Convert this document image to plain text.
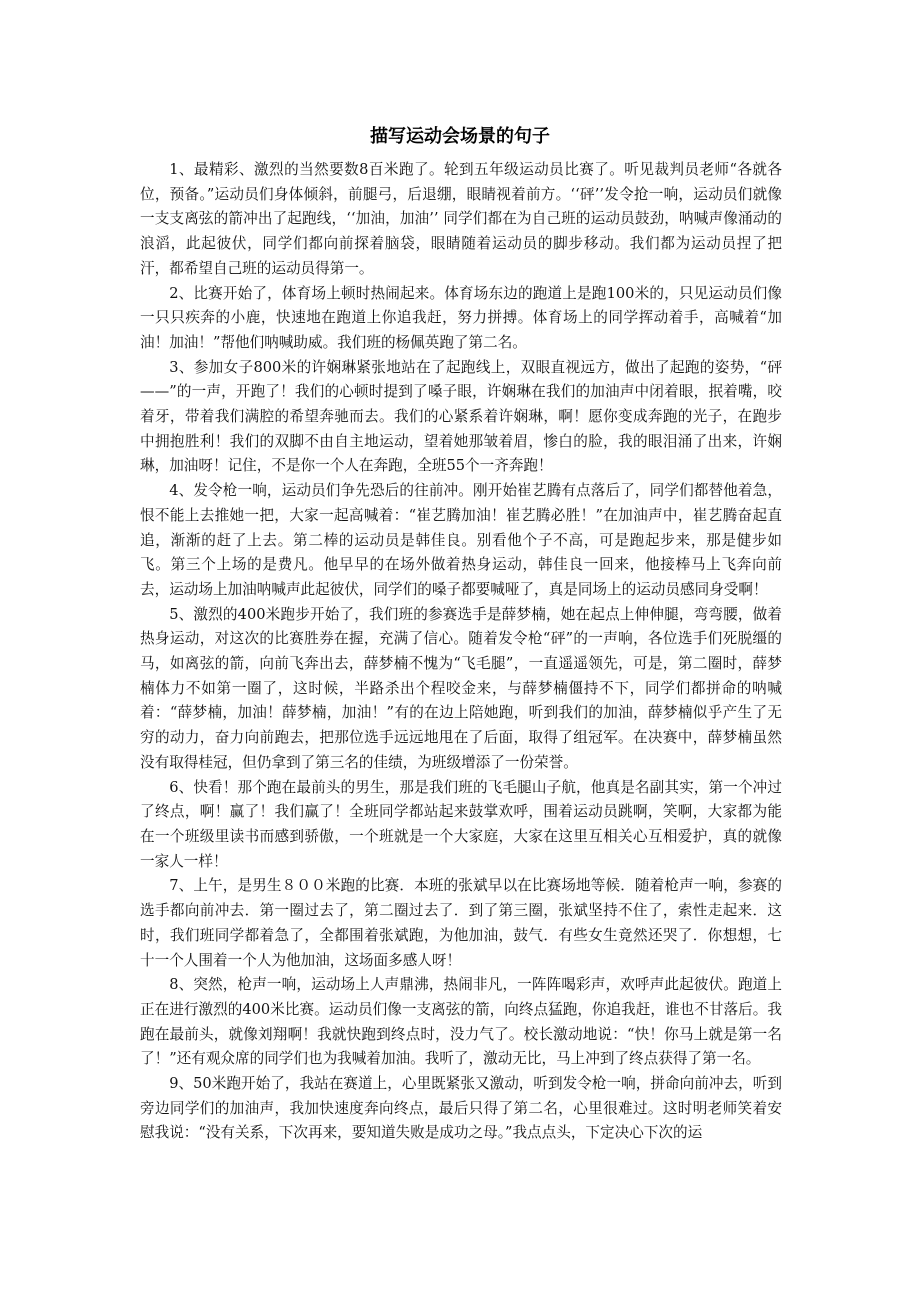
描写运动会场景的句子

1、最精彩、激烈的当然要数8百米跑了。轮到五年级运动员比赛了。听见裁判员老师“各就各位，预备。”运动员们身体倾斜，前腿弓，后退绷，眼睛视着前方。‘‘砰’’发令抢一响，运动员们就像一支支离弦的箭冲出了起跑线，‘‘加油，加油’’ 同学们都在为自己班的运动员鼓劲，呐喊声像涌动的浪滔，此起彼伏，同学们都向前探着脑袋，眼睛随着运动员的脚步移动。我们都为运动员捏了把汗，都希望自己班的运动员得第一。

2、比赛开始了，体育场上顿时热闹起来。体育场东边的跑道上是跑100米的，只见运动员们像一只只疾奔的小鹿，快速地在跑道上你追我赶，努力拼搏。体育场上的同学挥动着手，高喊着“加油！加油！”帮他们呐喊助威。我们班的杨佩英跑了第二名。

3、参加女子800米的许娴琳紧张地站在了起跑线上，双眼直视远方，做出了起跑的姿势，“砰——”的一声，开跑了！我们的心顿时提到了嗓子眼，许娴琳在我们的加油声中闭着眼，抿着嘴，咬着牙，带着我们满腔的希望奔驰而去。我们的心紧系着许娴琳，啊！愿你变成奔跑的光子，在跑步中拥抱胜利！我们的双脚不由自主地运动，望着她那皱着眉，惨白的脸，我的眼泪涌了出来，许娴琳，加油呀！记住，不是你一个人在奔跑，全班55个一齐奔跑！

4、发令枪一响，运动员们争先恐后的往前冲。刚开始崔艺腾有点落后了，同学们都替他着急，恨不能上去推她一把，大家一起高喊着：“崔艺腾加油！崔艺腾必胜！”在加油声中，崔艺腾奋起直追，渐渐的赶了上去。第二棒的运动员是韩佳良。别看他个子不高，可是跑起步来，那是健步如飞。第三个上场的是费凡。他早早的在场外做着热身运动，韩佳良一回来，他接棒马上飞奔向前去，运动场上加油呐喊声此起彼伏，同学们的嗓子都要喊哑了，真是同场上的运动员感同身受啊！

5、激烈的400米跑步开始了，我们班的参赛选手是薛梦楠，她在起点上伸伸腿，弯弯腰，做着热身运动，对这次的比赛胜券在握，充满了信心。随着发令枪“砰”的一声响，各位选手们死脱缰的马，如离弦的箭，向前飞奔出去，薛梦楠不愧为“飞毛腿”，一直遥遥领先，可是，第二圈时，薛梦楠体力不如第一圈了，这时候，半路杀出个程咬金来，与薛梦楠僵持不下，同学们都拼命的呐喊着：“薛梦楠，加油！薛梦楠，加油！”有的在边上陪她跑，听到我们的加油，薛梦楠似乎产生了无穷的动力，奋力向前跑去，把那位选手远远地甩在了后面，取得了组冠军。在决赛中，薛梦楠虽然没有取得桂冠，但仍拿到了第三名的佳绩，为班级增添了一份荣誉。

6、快看！那个跑在最前头的男生，那是我们班的飞毛腿山子航，他真是名副其实，第一个冲过了终点，啊！赢了！我们赢了！全班同学都站起来鼓掌欢呼，围着运动员跳啊，笑啊，大家都为能在一个班级里读书而感到骄傲，一个班就是一个大家庭，大家在这里互相关心互相爱护，真的就像一家人一样！

7、上午，是男生８００米跑的比赛．本班的张斌早以在比赛场地等候．随着枪声一响，参赛的选手都向前冲去．第一圈过去了，第二圈过去了．到了第三圈，张斌坚持不住了，索性走起来．这时，我们班同学都着急了，全都围着张斌跑，为他加油，鼓气．有些女生竟然还哭了．你想想，七十一个人围着一个人为他加油，这场面多感人呀！

8、突然，枪声一响，运动场上人声鼎沸，热闹非凡，一阵阵喝彩声，欢呼声此起彼伏。跑道上正在进行激烈的400米比赛。运动员们像一支离弦的箭，向终点猛跑，你追我赶，谁也不甘落后。我跑在最前头，就像刘翔啊！我就快跑到终点时，没力气了。校长激动地说：“快！你马上就是第一名了！”还有观众席的同学们也为我喊着加油。我听了，激动无比，马上冲到了终点获得了第一名。

9、50米跑开始了，我站在赛道上，心里既紧张又激动，听到发令枪一响，拼命向前冲去，听到旁边同学们的加油声，我加快速度奔向终点，最后只得了第二名，心里很难过。这时明老师笑着安慰我说：“没有关系，下次再来，要知道失败是成功之母。”我点点头，下定决心下次的运
